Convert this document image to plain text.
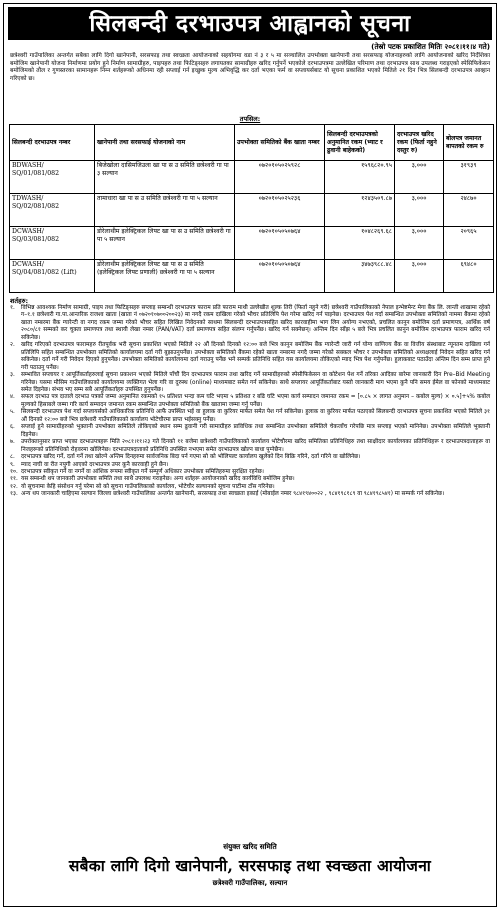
सिलबन्दी दरभाउपत्र आह्वानको सूचना
(तेस्रो पटक प्रकाशित मितिः २०८१।११।४ गते)
छत्रेश्वरी गाउँपालिका अन्तर्गत सबैका लागि दिगो खानेपानी, सरसफाइ तथा स्वच्छता आयोजनाको सहयोगमा वडा नं ३ र ५ मा सञ्चालित उपभोक्ता खानेपानी तथा सरसफाइ योजनाहरुको लागि आयोजनाको खरिद निर्देशिका बमोजिम खानेपानी योजना निर्माणमा प्रयोग हुने निर्माण सामाग्रीहरु, पाइपहरु तथा फिटिङ्सहरु लगायतका सामाग्रीहरु खरिद गर्नुपर्ने भएकोले दरभाउपत्रमा उल्लेखित परिमाण तथा दरभाउपत्र साथ उपलब्ध गराइएको स्पेसिफिकेसन बमोजिमको तौल र गुणस्तरका सामानहरू निम्न शर्तहरूको अधिनमा रही सप्लाई गर्न इच्छुक मुल्य अभिवृद्धि कर दर्ता भएका फर्म वा सप्लायर्सबाट यो सूचना प्रकाशित भएको मितिले २१ दिन भित्र सिलबन्दी दरभाउपत्र आव्हान गरिएको छ।
तपसिल:
सिलबन्दी दरभाउपत्र नम्बर	खानेपानी तथा सरसफाई योजनाको नाम	उपभोक्ता समितिको बैंक खाता नम्बर	सिलबन्दी दरभाउपत्रको अनुमानित रकम (भ्याट र ढुवानी बाहेकको)	दरभाउपत्र खरिद रकम (फिर्ता नहुने दस्तुर रु)	बोलपत्र जमानत बापतको रकम रु
BDWASH/ SQ/01/081/082	बिजेखोला दासिमजिउला खा पा स उ समिति छत्रेश्वरी गा पा ३ सल्यान	०७२०१०५०२५९२८	१५९६८२०.९५	३,०००	३१९३९
TDWASH/ SQ/02/081/082	तामाधारा खा पा स उ समिति छत्रेश्वरी गा पा ५ सल्यान	०७२०१०५०२५२३६	१२४३५०९.८७	३,०००	२४८७०
DCWASH/ SQ/03/081/082	डोरेलाथीम इलेक्ट्रिकल लिफ्ट खा पा स उ समिति छत्रेश्वरी गा पा ५ सल्यान	०७२०१०५०५०७६४	१०४८२६९.६८	३,०००	२०९६५
DCWASH/ SQ/04/081/082 (Lift)	डोरेलाथीम इलेक्ट्रिकल लिफ्ट खा पा स उ समिति (इलेक्ट्रिकल लिफ्ट प्रणाली) छत्रेश्वरी गा पा ५ सल्यान	०७२०१०५०५०७६४	३४७३९८८.४८	३,०००	६९४८०
शर्तहरु:
१.	विभिन्न आवश्यक निर्माण सामाग्री, पाइप तथा फिटिङ्सहरु सप्लाइ सम्बन्धी दरभाउपत्र फाराम प्रति फाराम माथी उल्लेखीत शुल्क तिरी (फिर्ता नहुने गरी) छत्रेश्वरी गाउँपालिकाको नेपाल इन्भेष्टमेन्ट मेगा बैंक लि. लान्ती शाखामा रहेको ग–१.१ छत्रेश्वरी गा.पा.आन्तरिक राजश्व खाता (खाता नं ०७२०१०७००२००२३) मा नगदै रकम दाखिला गरेको भौचर प्रतिलिपि पेश गरेमा खरिद गर्न पाइनेछ। दरभाउपत्र पेश गर्दा सम्बन्धित उपभोक्ता समितिको नाममा बैंकमा रहेको खाता नम्बरमा बैंक ग्यारेन्टी वा नगद रकम जम्मा गरेको भौचर सहित लिखित निवेदनको साथमा सिलबन्दी दरभाउपत्रसहित खरिद कारवाहीमा भाग लिन अयोग्य नभएको, प्रचलित कानुन बमोजिम दर्ता प्रमाणपत्र, आर्थिक वर्ष २०८०/८१ सम्मको कर चुक्ता प्रमाणपत्र तथा स्थायी लेखा नम्बर (PAN/VAT) दर्ता प्रमाणपत्र सहित संलग्न गर्नुपर्नेछ। खरिद गर्न सक्नेछन्। अन्तिम दिन साँझ ५ बजे भित्र प्रचलित कानुन बमोजिम दरभाउपत्र फाराम खरिद गर्न सकिनेछ।
२.	खरिद गरिएको दरभाउपत्र फारामहरु रीतपूर्वक भरी सूचना प्रकाशित भएको मितिले २२ औं दिनको दिनको १२:०० बजे भित्र कानुन बमोजिम बैंक ग्यारेन्टी जारी गर्न योग्य वाणिज्य बैंक वा वित्तीय संस्थाबाट न्यूनतम दाखिला गर्न प्रतिलिपि सहित सम्बन्धित उपभोक्ता समितिको कार्यालयमा दर्ता गरी बुझाउनुपर्नेछ। उपभोक्ता समितिको बैंकमा रहेको खाता नम्बरमा नगदै जम्मा गरेको सक्कल भौचर र उपभोक्ता समितिको अध्यक्षलाई निवेदन सहित खरिद गर्न सकिनेछ। दर्ता गर्ने गरी निवेदन दिएको हुनुपर्नेछ। उपभोक्ता समितिको कार्यालयमा दर्ता गराउनु पर्नेछ भने सम्पर्क प्रतिनिधि सहित यस कार्यालयमा तोकिएको म्याद भित्र पेश गर्नुपर्नेछ। हुलाकबाट पठाउँदा अन्तिम दिन सम्म प्राप्त हुने गरी पठाउनु पर्नेछ।
३.	सम्भावित सप्लायर र आपूर्तिकर्ताहरुलाई सूचना प्रकाशन भएको मितिले पाँचौं दिन दरभाउपत्र फाराम तथा खरिद गर्ने सामाग्रीहरुको स्पेसीफिकेसन वा कोटेशन पेश गर्ने तरिका आदिका बारेमा जानकारी दिन Pre–Bid Meeting गरिनेछ। यसमा मौसिम गाउँपालिकाको कार्यालयमा व्यक्तिगत भेला गरि वा दुरुस्थ (online) माध्यमबाट समेत गर्न सकिनेछ। साथै सप्लायर आपूर्तिकर्ताबाट यस्तो जानकारी माग भएमा कुनै पनि समय ईमेल वा फोनको माध्यमबाट समेत दिइनेछ। संभव भए सम्म सबै आपूर्तिकर्ताहरु उपस्थित हुनुपर्नेछ।
४.	सफल दरभाउ पत्र दाताले दरभाउ पत्रको जम्मा अनुमानित रकमको १५ प्रतिशत भन्दा कम घटि भएमा ५ प्रतिशत र बढि घटि भएमा कार्य सम्पादन जमानत रकम = [०.८५ × लागत अनुमान – कबोल मुल्य) × ०.५]+५% कबोल मुल्यको हिसाबले जम्मा गरि कार्य सम्पादन जमानत रकम सम्बन्धित उपभोक्ता समितिको बैंक खातामा जम्मा गर्नु पर्नेछ।
५.	सिलबन्दी दरभाउपत्र पेश गर्दा सप्लायर्सको आधिकारिक प्रतिनिधि आफैं उपस्थित भई वा हुलाक वा कुरियर मार्फत समेत पेश गर्न सकिनेछ। हुलाक वा कुरियर मार्फत पठाएको सिलबन्दी दरभाउपत्र सूचना प्रकाशित भएको मितिले ३१ औं दिनको १२:०० बजे भित्र छत्रेश्वरी गाउँपालिकाको कार्यालय भोटेचौरमा प्राप्त भईसक्नु पर्नेछ।
६.	सप्लाई हुने सामाग्रीहरुको भुक्तानी उपभोक्ता समितिले तोकिएको स्थान सम्म ढुवानी गरी सामाग्रीहरु प्राविधिक तथा सम्बन्धित उपभोक्ता समितिले चेकजाँच गरेपछि मात्र सप्लाइ भएको मानिनेछ। उपभोक्ता समितिले भुक्तानी दिइनेछ।
७.	उपरोक्तानुसार प्राप्त भएका दरभाउपत्रहरू मिति २०८१।११।२३ गते दिनको ११ बजेमा छत्रेश्वरी गाउँपालिकाको कार्यालय भोटेचौरमा खरिद समितिका प्रतिनिधिहरु तथा साक्षीदार कार्यालयका प्रतिनिधिहरू र दरभाउपत्रदाताहरू वा निजहरूको प्रतिनिधिको रोहवरमा खोलिनेछ। दरभाउपत्रदाताको प्रतिनिधि उपस्थित नभएमा समेत दरभाउपत्र खोल्न बाधा पुग्नेछैन।
८.	दरभाउपत्र खरिद गर्ने, दर्ता गर्ने तथा खोल्ने अन्तिम दिनहरुमा सार्वजनिक बिदा पर्न गएमा सो को भोलिपल्ट कार्यालय खुलेको दिन बिक्रि गरिने, दर्ता गरिने वा खोलिनेछ।
९.	म्याद नाघी वा रीत नपुगी आएको दरभाउपत्र उपर कुनै कारवाही हुने छैन।
१०. दरभाउपत्र स्वीकृत गर्ने वा नगर्ने वा आंशिक रूपमा स्वीकृत गर्ने सम्पूर्ण अधिकार उपभोक्ता समितिहरुमा सुरक्षित रहनेछ।
११. यस सम्बन्धी थप जानकारी उपभोक्ता समिति तथा साथै उपलब्ध गराइनेछ। अन्य शर्तहरू आयोजनाको खरिद कार्यविधि बमोजिम हुनेछ।
१२. यो सूचनामा केहि संसोधन गर्नु परेमा सो को सूचना गाउँपालिकाको कार्यालय, भोटेचौर सल्यानको सूचना पाटीमा टाँस गरिनेछ।
१३. अन्य थप जानकारी चाहिएमा सल्यान जिल्ला छत्रेश्वरी गाउँपालिका अन्तर्गत खानेपानी, सरसफाइ तथा स्वच्छता इकाई (मोबाईल नम्बर ९८४१९४००२२ , ९८४१९८१८९ वा ९८४१९८५४१) मा सम्पर्क गर्न सकिनेछ।
संयुक्त खरिद समिति
सबैका लागि दिगो खानेपानी, सरसफाइ तथा स्वच्छता आयोजना
छत्रेश्वरी गाउँपालिका, सल्यान
